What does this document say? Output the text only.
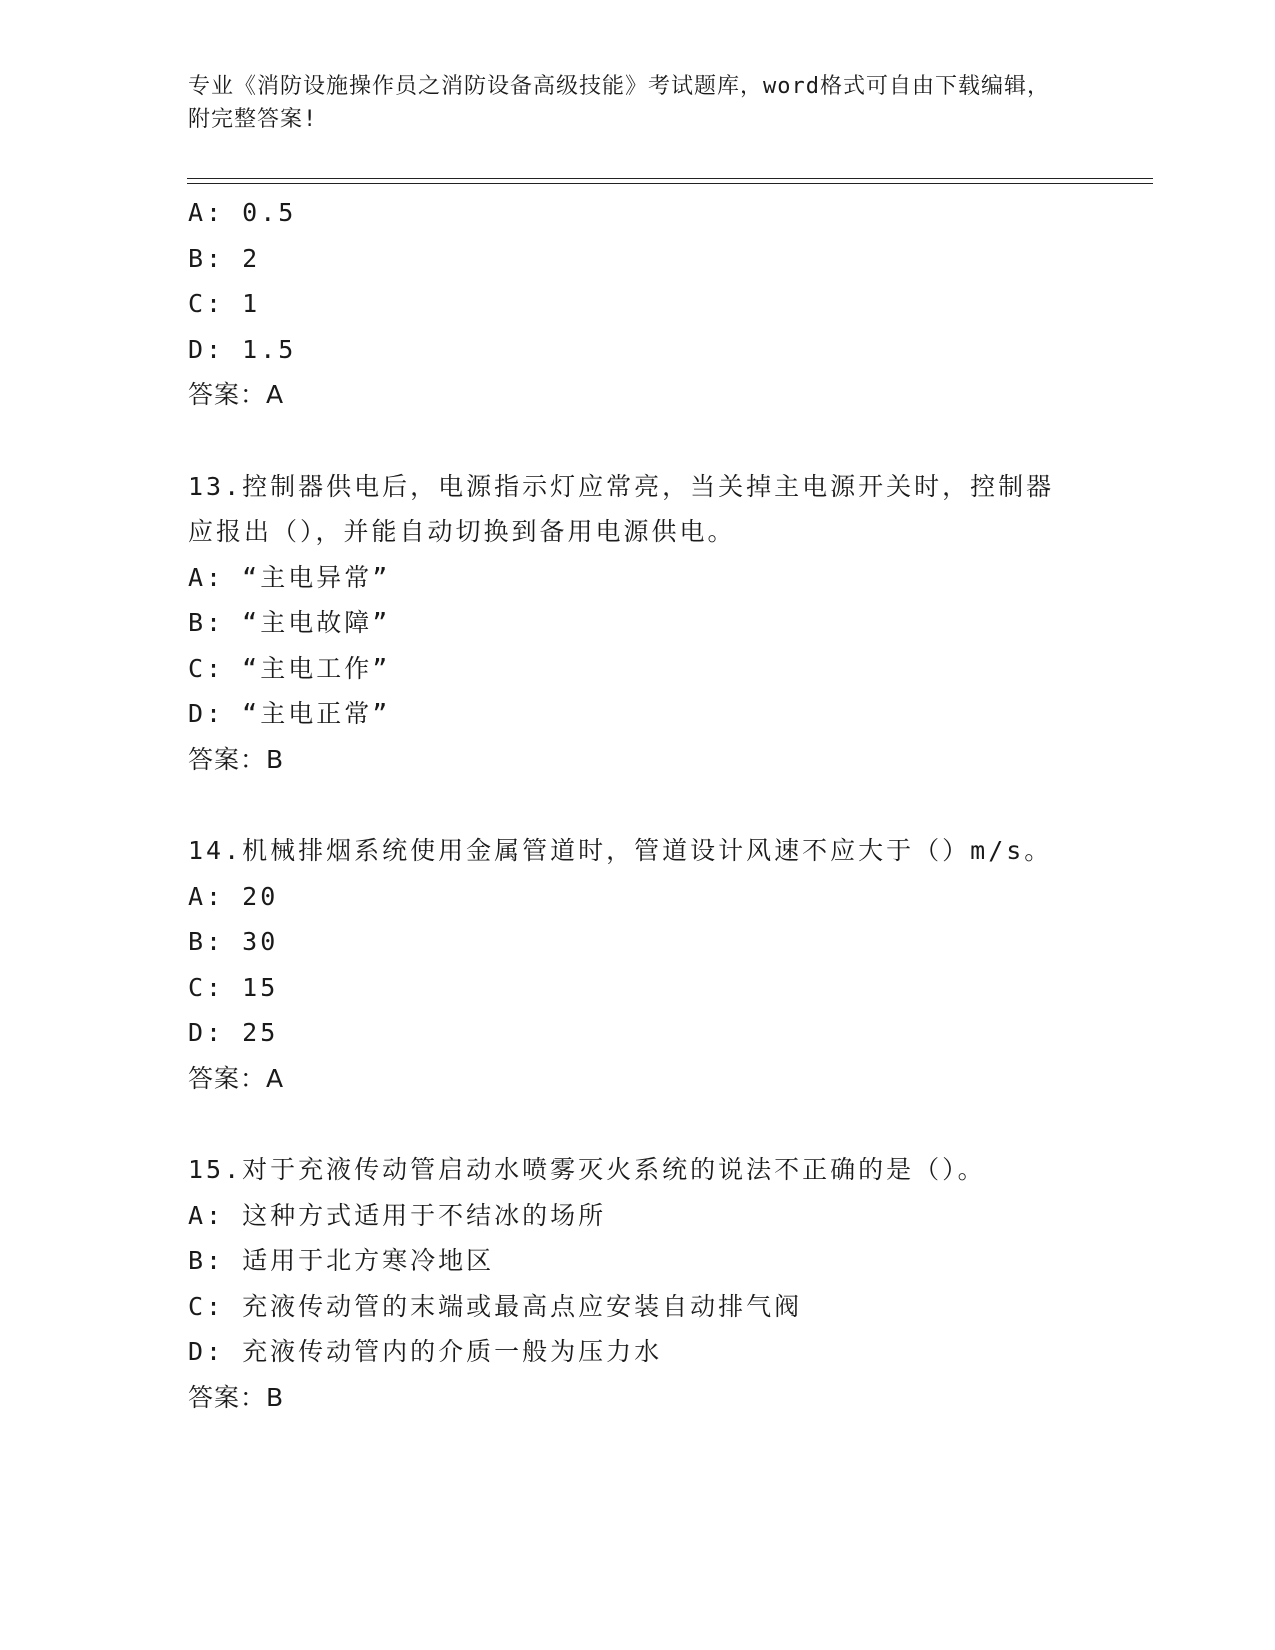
专业《消防设施操作员之消防设备高级技能》考试题库，word格式可自由下载编辑，附完整答案!
A: 0.5
B: 2
C: 1
D: 1.5
答案：A
13.控制器供电后，电源指示灯应常亮，当关掉主电源开关时，控制器应报出（），并能自动切换到备用电源供电。
A: “主电异常”
B: “主电故障”
C: “主电工作”
D: “主电正常”
答案：B
14.机械排烟系统使用金属管道时，管道设计风速不应大于（）m/s。
A: 20
B: 30
C: 15
D: 25
答案：A
15.对于充液传动管启动水喷雾灭火系统的说法不正确的是（）。
A: 这种方式适用于不结冰的场所
B: 适用于北方寒冷地区
C: 充液传动管的末端或最高点应安装自动排气阀
D: 充液传动管内的介质一般为压力水
答案：B
